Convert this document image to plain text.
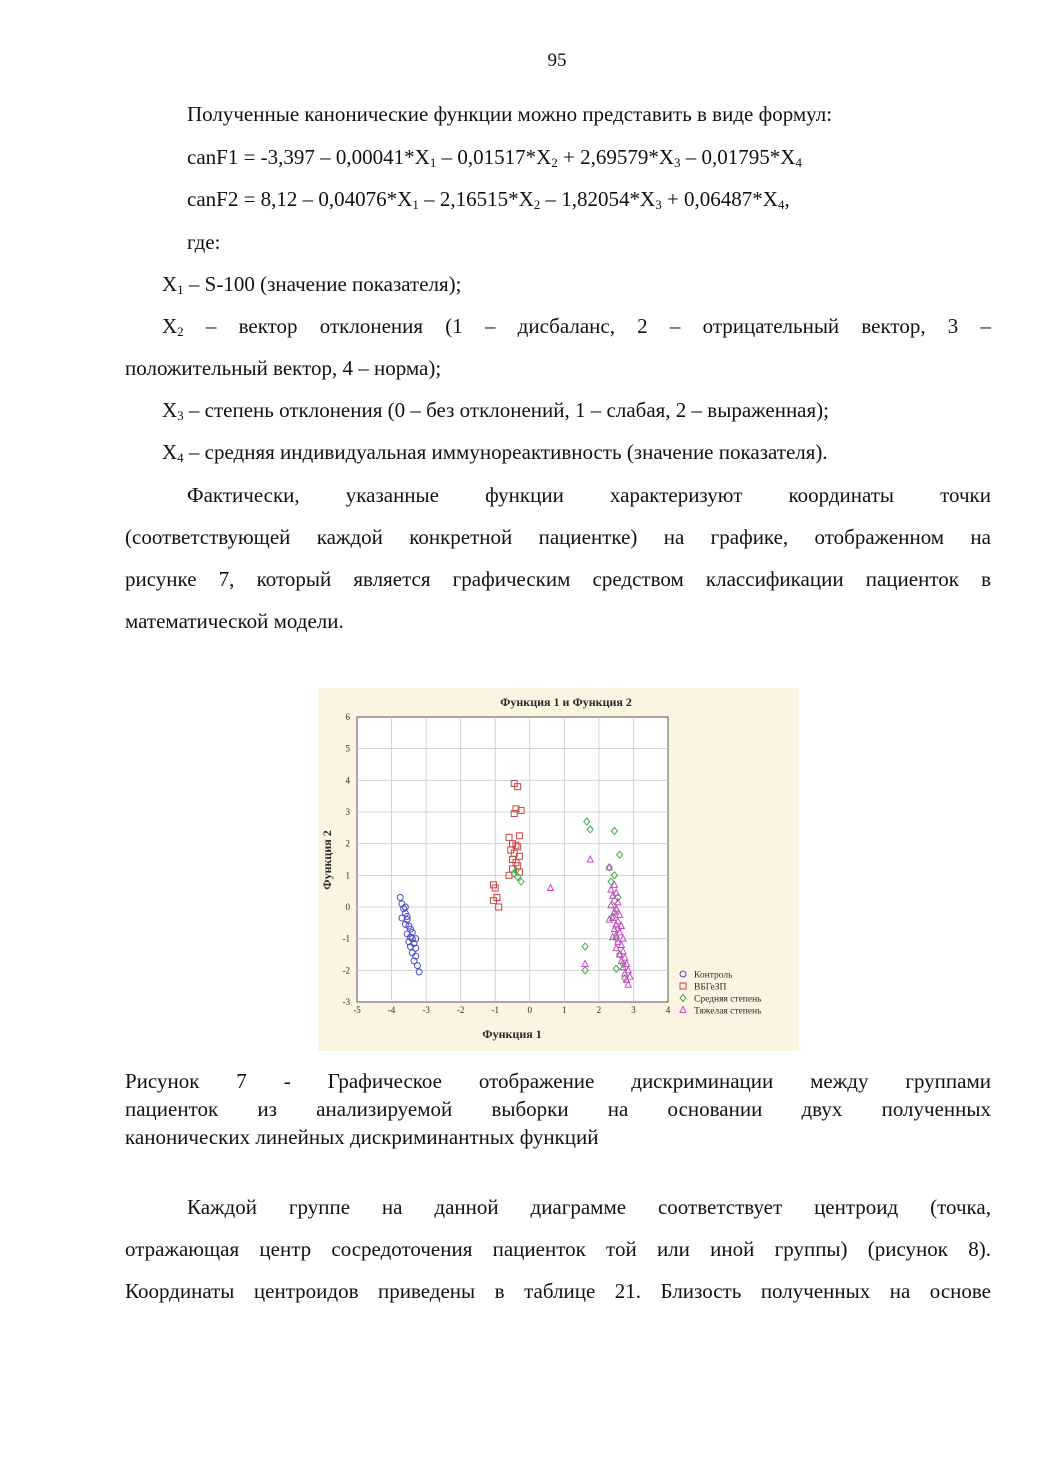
95
Полученные канонические функции можно представить в виде формул:
canF1 = $-3,397 - 0,00041*X_1 - 0,01517*X_2 + 2,69579*X_3 - 0,01795*X_4$
canF2 = $8,12 - 0,04076*X_1 - 2,16515*X_2 - 1,82054*X_3 + 0,06487*X_4$,
где:
$X_1 - S-100$ (значение показателя);
$X_2$ – вектор отклонения (1 – дисбаланс, 2 – отрицательный вектор, 3 –
положительный вектор, 4 – норма);
$X_3$ – степень отклонения (0 – без отклонений, 1 – слабая, 2 – выраженная);
$X_4$ – средняя индивидуальная иммунореактивность (значение показателя).
Фактически, указанные функции характеризуют координаты точки
(соответствующей каждой конкретной пациентке) на графике, отображенном на
рисунке 7, который является графическим средством классификации пациенток в
математической модели.
Функция 1 и Функция 2
-5	-4	-3	-2	-1	0	1	2	3	4
-3
-2
-1
0
1
2
3
4
5
6
Функция 1
Функция 2
Контроль
ВБГеЗП
Средняя степень
Тяжелая степень
Рисунок 7 - Графическое отображение дискриминации между группами
пациенток из анализируемой выборки на основании двух полученных
канонических линейных дискриминантных функций
Каждой группе на данной диаграмме соответствует центроид (точка,
отражающая центр сосредоточения пациенток той или иной группы) (рисунок 8).
Координаты центроидов приведены в таблице 21. Близость полученных на основе
